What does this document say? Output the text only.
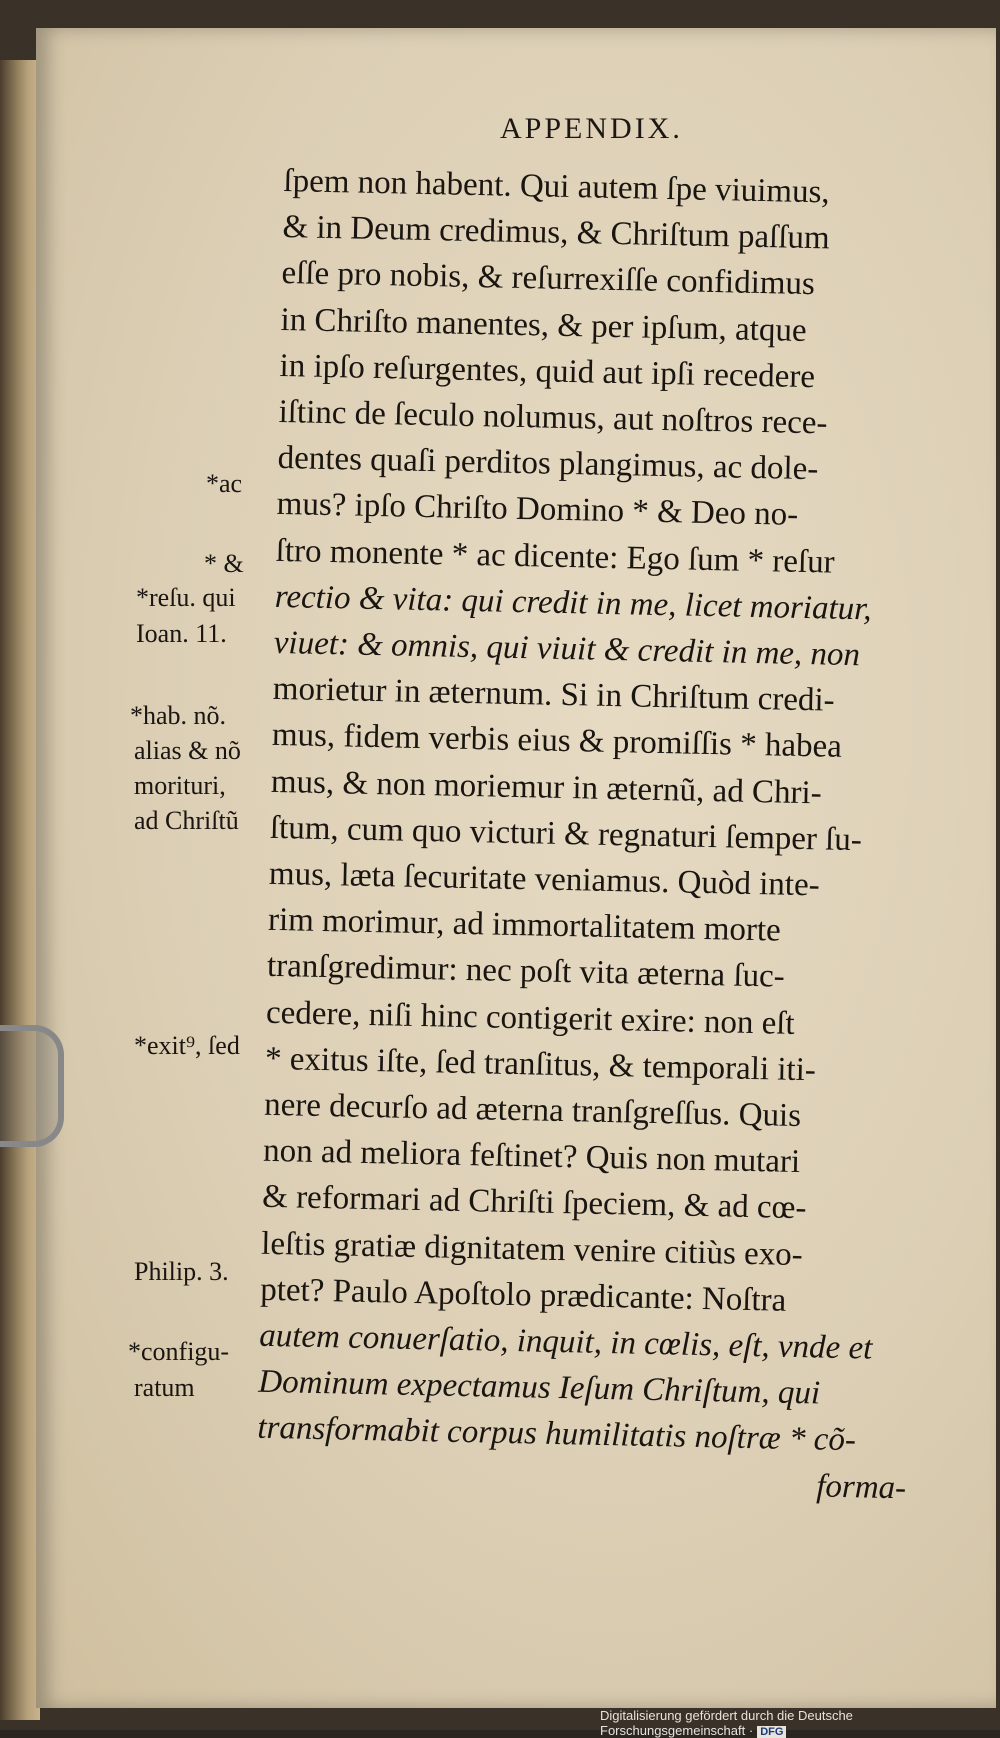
APPENDIX.
ſpem non habent. Qui autem ſpe viuimus,
& in Deum credimus, & Chriſtum paſſum
eſſe pro nobis, & reſurrexiſſe confidimus
in Chriſto manentes, & per ipſum, atque
in ipſo reſurgentes, quid aut ipſi recedere
iſtinc de ſeculo nolumus, aut noſtros rece-
dentes quaſi perditos plangimus, ac dole-
mus? ipſo Chriſto Domino * & Deo no-
ſtro monente * ac dicente: Ego ſum * reſur
rectio & vita: qui credit in me, licet moriatur,
viuet: & omnis, qui viuit & credit in me, non
morietur in æternum. Si in Chriſtum credi-
mus, fidem verbis eius & promiſſis * habea
mus, & non moriemur in æternũ, ad Chri-
ſtum, cum quo victuri & regnaturi ſemper ſu-
mus, læta ſecuritate veniamus. Quòd inte-
rim morimur, ad immortalitatem morte
tranſgredimur: nec poſt vita æterna ſuc-
cedere, niſi hinc contigerit exire: non eſt
* exitus iſte, ſed tranſitus, & temporali iti-
nere decurſo ad æterna tranſgreſſus. Quis
non ad meliora feſtinet? Quis non mutari
& reformari ad Chriſti ſpeciem, & ad cœ-
leſtis gratiæ dignitatem venire citiùs exo-
ptet? Paulo Apoſtolo prædicante: Noſtra
autem conuerſatio, inquit, in cœlis, eſt, vnde et
Dominum expectamus Ieſum Chriſtum, qui
transformabit corpus humilitatis noſtræ * cõ-
forma-
*ac
* &
*reſu. qui
Ioan. 11.
*hab. nõ.
alias & nõ
morituri,
ad Chriſtũ
*exit⁹, ſed
Philip. 3.
*configu-
ratum
Digitalisierung gefördert durch die Deutsche Forschungsgemeinschaft · DFG
